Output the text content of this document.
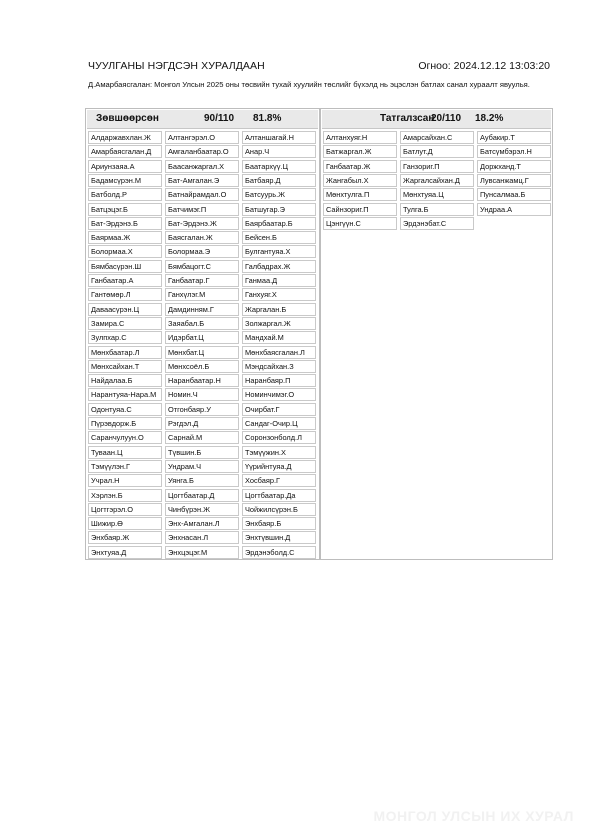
ЧУУЛГАНЫ НЭГДСЭН ХУРАЛДААН	Огноо: 2024.12.12 13:03:20
Д.Амарбаясгалан: Монгол Улсын 2025 оны төсвийн тухай хуулийн төслийг бүхэлд нь эцэслэн батлах санал хураалт явуулья.
Зөвшөөрсөн	90/110 81.8%
Алдаржавхлан.Ж	Алтангэрэл.О	Алтаншагай.Н
Амарбаясгалан.Д	Амгаланбаатар.О	Анар.Ч
Ариунзаяа.А	Баасанжаргал.Х	Баатархүү.Ц
Бадамсүрэн.М	Бат-Амгалан.Э	Батбаяр.Д
Батболд.Р	Батнайрамдал.О	Батсуурь.Ж
Батцэцэг.Б	Батчимэг.П	Батшугар.Э
Бат-Эрдэнэ.Б	Бат-Эрдэнэ.Ж	Баярбаатар.Б
Баярмаа.Ж	Баясгалан.Ж	Бейсен.Б
Болормаа.Х	Болормаа.Э	Булгантуяа.Х
Бямбасүрэн.Ш	Бямбацогт.С	Галбадрах.Ж
Ганбаатар.А	Ганбаатар.Г	Ганмаа.Д
Гантөмөр.Л	Ганхүлэг.М	Ганхуяг.Х
Даваасүрэн.Ц	Дамдинням.Г	Жаргалан.Б
Замира.С	Заяабал.Б	Золжаргал.Ж
Зулпхар.С	Идэрбат.Ц	Мандхай.М
Мөнхбаатар.Л	Мөнхбат.Ц	Мөнхбаясгалан.Л
Мөнхсайхан.Т	Мөнхсоёл.Б	Мэндсайхан.З
Найдалаа.Б	Наранбаатар.Н	Наранбаяр.П
Нарантуяа-Нара.М	Номин.Ч	Номинчимэг.О
Одонтуяа.С	Отгонбаяр.У	Очирбат.Г
Пүрэвдорж.Б	Рэгдэл.Д	Сандаг-Очир.Ц
Саранчулуун.О	Сарнай.М	Соронзонболд.Л
Туваан.Ц	Түвшин.Б	Тэмүүжин.Х
Тэмүүлэн.Г	Ундрам.Ч	Үүрийнтуяа.Д
Учрал.Н	Уянга.Б	Хосбаяр.Г
Хэрлэн.Б	Цогтбаатар.Д	Цогтбаатар.Да
Цогтгэрэл.О	Чинбүрэн.Ж	Чойжилсүрэн.Б
Шижир.Ө	Энх-Амгалан.Л	Энхбаяр.Б
Энхбаяр.Ж	Энхнасан.Л	Энхтүвшин.Д
Энхтуяа.Д	Энхцэцэг.М	Эрдэнэболд.С
Татгалзсан
20/110 18.2%
Алтанхуяг.Н	Амарсайхан.С	Аубакир.Т
Батжаргал.Ж	Батлут.Д	Батсүмбэрэл.Н
Ганбаатар.Ж	Ганзориг.П	Доржханд.Т
Жангабыл.Х	Жаргалсайхан.Д	Лувсанжамц.Г
Мөнхтулга.П	Мөнхтуяа.Ц	Пунсалмаа.Б
Сайнзориг.П	Тулга.Б	Ундраа.А
Цэнгүүн.С	Эрдэнэбат.С
МОНГОЛ УЛСЫН ИХ ХУРАЛ
